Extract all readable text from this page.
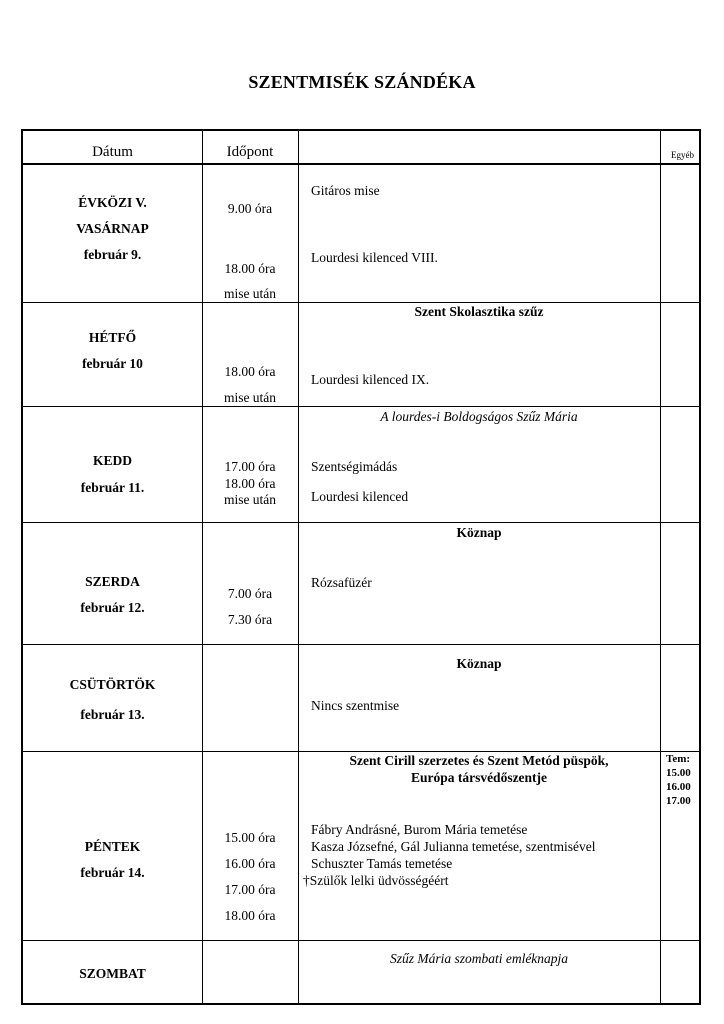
SZENTMISÉK SZÁNDÉKA
Dátum	Időpont	Egyéb
ÉVKÖZI V.
VASÁRNAP
február 9.
9.00 óra
18.00 óra
mise után
Gitáros mise
Lourdesi kilenced VIII.
HÉTFŐ
február 10
18.00 óra
mise után
Szent Skolasztika szűz
Lourdesi kilenced IX.
KEDD
február 11.
17.00 óra
18.00 óra
mise után
A lourdes-i Boldogságos Szűz Mária
Szentségimádás
Lourdesi kilenced
SZERDA
február 12.
7.00 óra
7.30 óra
Köznap
Rózsafüzér
CSÜTÖRTÖK
február 13.
Köznap
Nincs szentmise
PÉNTEK
február 14.
15.00 óra
16.00 óra
17.00 óra
18.00 óra
Szent Cirill szerzetes és Szent Metód püspök,
Európa társvédőszentje
Fábry Andrásné, Burom Mária temetése
Kasza Józsefné, Gál Julianna temetése, szentmisével
Schuszter Tamás temetése
†Szülők lelki üdvösségéért
Tem:
15.00
16.00
17.00
SZOMBAT
Szűz Mária szombati emléknapja
